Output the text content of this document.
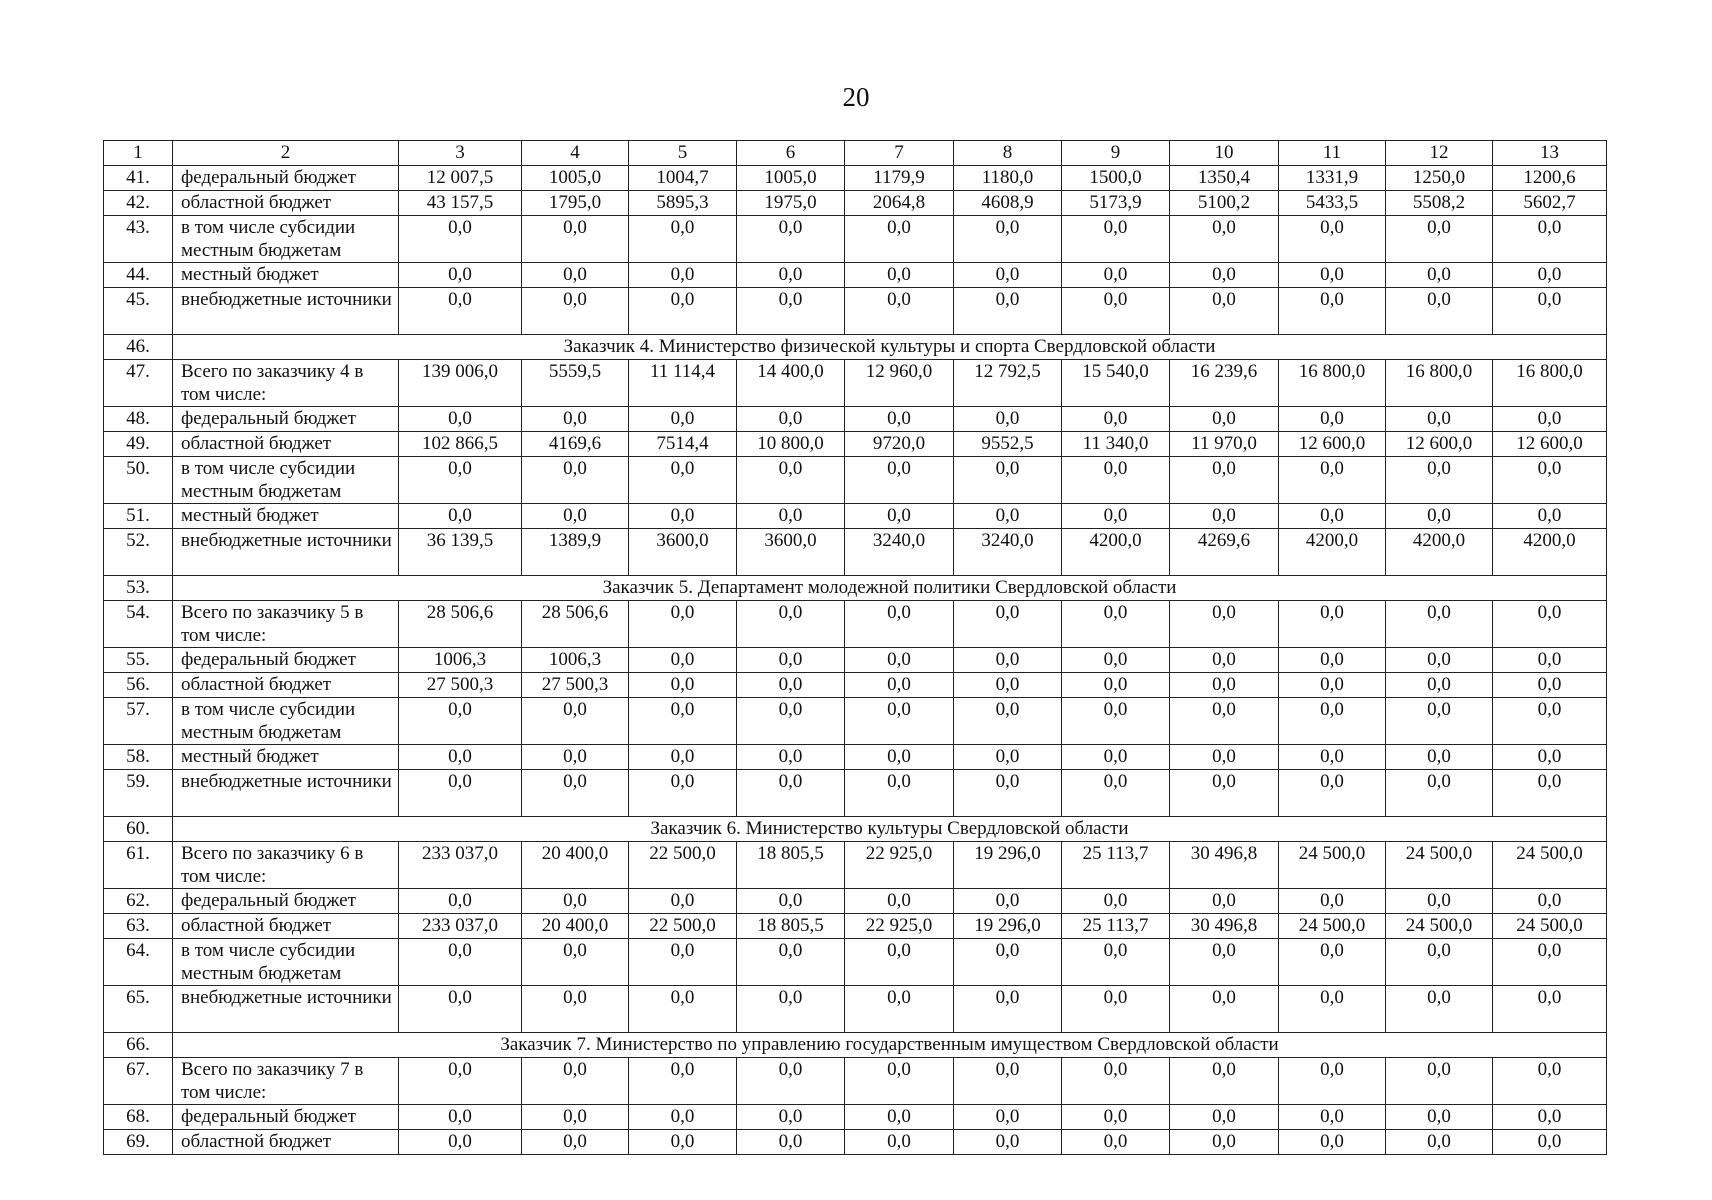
20
1	2	3	4	5	6	7	8	9	10	11	12	13
41.	федеральный бюджет	12 007,5	1005,0	1004,7	1005,0	1179,9	1180,0	1500,0	1350,4	1331,9	1250,0	1200,6
42.	областной бюджет	43 157,5	1795,0	5895,3	1975,0	2064,8	4608,9	5173,9	5100,2	5433,5	5508,2	5602,7
43.	в том числе субсидии местным бюджетам	0,0	0,0	0,0	0,0	0,0	0,0	0,0	0,0	0,0	0,0	0,0
44.	местный бюджет	0,0	0,0	0,0	0,0	0,0	0,0	0,0	0,0	0,0	0,0	0,0
45.	внебюджетные источники	0,0	0,0	0,0	0,0	0,0	0,0	0,0	0,0	0,0	0,0	0,0
46.	Заказчик 4. Министерство физической культуры и спорта Свердловской области											
47.	Всего по заказчику 4 в том числе:	139 006,0	5559,5	11 114,4	14 400,0	12 960,0	12 792,5	15 540,0	16 239,6	16 800,0	16 800,0	16 800,0
48.	федеральный бюджет	0,0	0,0	0,0	0,0	0,0	0,0	0,0	0,0	0,0	0,0	0,0
49.	областной бюджет	102 866,5	4169,6	7514,4	10 800,0	9720,0	9552,5	11 340,0	11 970,0	12 600,0	12 600,0	12 600,0
50.	в том числе субсидии местным бюджетам	0,0	0,0	0,0	0,0	0,0	0,0	0,0	0,0	0,0	0,0	0,0
51.	местный бюджет	0,0	0,0	0,0	0,0	0,0	0,0	0,0	0,0	0,0	0,0	0,0
52.	внебюджетные источники	36 139,5	1389,9	3600,0	3600,0	3240,0	3240,0	4200,0	4269,6	4200,0	4200,0	4200,0
53.	Заказчик 5. Департамент молодежной политики Свердловской области											
54.	Всего по заказчику 5 в том числе:	28 506,6	28 506,6	0,0	0,0	0,0	0,0	0,0	0,0	0,0	0,0	0,0
55.	федеральный бюджет	1006,3	1006,3	0,0	0,0	0,0	0,0	0,0	0,0	0,0	0,0	0,0
56.	областной бюджет	27 500,3	27 500,3	0,0	0,0	0,0	0,0	0,0	0,0	0,0	0,0	0,0
57.	в том числе субсидии местным бюджетам	0,0	0,0	0,0	0,0	0,0	0,0	0,0	0,0	0,0	0,0	0,0
58.	местный бюджет	0,0	0,0	0,0	0,0	0,0	0,0	0,0	0,0	0,0	0,0	0,0
59.	внебюджетные источники	0,0	0,0	0,0	0,0	0,0	0,0	0,0	0,0	0,0	0,0	0,0
60.	Заказчик 6. Министерство культуры Свердловской области											
61.	Всего по заказчику 6 в том числе:	233 037,0	20 400,0	22 500,0	18 805,5	22 925,0	19 296,0	25 113,7	30 496,8	24 500,0	24 500,0	24 500,0
62.	федеральный бюджет	0,0	0,0	0,0	0,0	0,0	0,0	0,0	0,0	0,0	0,0	0,0
63.	областной бюджет	233 037,0	20 400,0	22 500,0	18 805,5	22 925,0	19 296,0	25 113,7	30 496,8	24 500,0	24 500,0	24 500,0
64.	в том числе субсидии местным бюджетам	0,0	0,0	0,0	0,0	0,0	0,0	0,0	0,0	0,0	0,0	0,0
65.	внебюджетные источники	0,0	0,0	0,0	0,0	0,0	0,0	0,0	0,0	0,0	0,0	0,0
66.	Заказчик 7. Министерство по управлению государственным имуществом Свердловской области											
67.	Всего по заказчику 7 в том числе:	0,0	0,0	0,0	0,0	0,0	0,0	0,0	0,0	0,0	0,0	0,0
68.	федеральный бюджет	0,0	0,0	0,0	0,0	0,0	0,0	0,0	0,0	0,0	0,0	0,0
69.	областной бюджет	0,0	0,0	0,0	0,0	0,0	0,0	0,0	0,0	0,0	0,0	0,0
